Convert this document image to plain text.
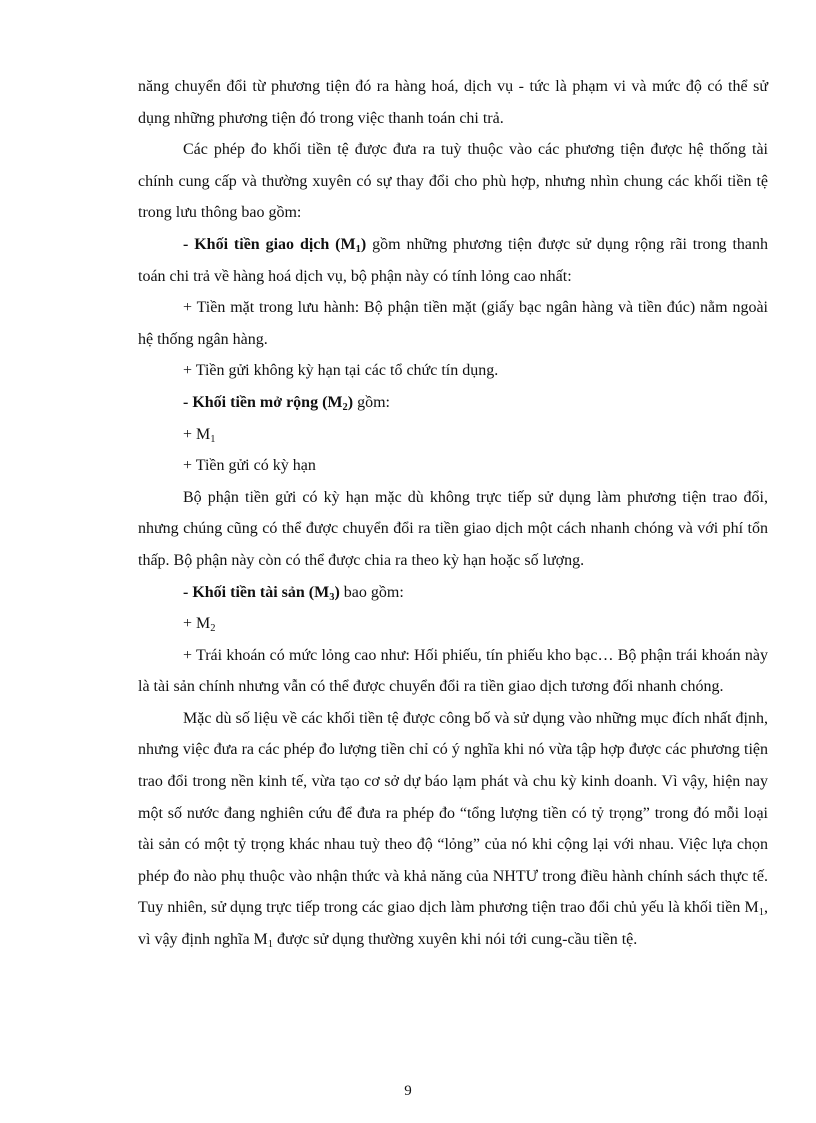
năng chuyển đổi từ phương tiện đó ra hàng hoá, dịch vụ - tức là phạm vi và mức độ có thể sử dụng những phương tiện đó trong việc thanh toán chi trả.

Các phép đo khối tiền tệ được đưa ra tuỳ thuộc vào các phương tiện được hệ thống tài chính cung cấp và thường xuyên có sự thay đổi cho phù hợp, nhưng nhìn chung các khối tiền tệ trong lưu thông bao gồm:

- Khối tiền giao dịch $(M_1)$ gồm những phương tiện được sử dụng rộng rãi trong thanh toán chi trả về hàng hoá dịch vụ, bộ phận này có tính lỏng cao nhất:

+ Tiền mặt trong lưu hành: Bộ phận tiền mặt (giấy bạc ngân hàng và tiền đúc) nằm ngoài hệ thống ngân hàng.

+ Tiền gửi không kỳ hạn tại các tổ chức tín dụng.

- Khối tiền mở rộng $(M_2)$ gồm:

+ $M_1$

+ Tiền gửi có kỳ hạn

Bộ phận tiền gửi có kỳ hạn mặc dù không trực tiếp sử dụng làm phương tiện trao đổi, nhưng chúng cũng có thể được chuyển đổi ra tiền giao dịch một cách nhanh chóng và với phí tổn thấp. Bộ phận này còn có thể được chia ra theo kỳ hạn hoặc số lượng.

- Khối tiền tài sản $(M_3)$ bao gồm:

+ $M_2$

+ Trái khoán có mức lỏng cao như: Hối phiếu, tín phiếu kho bạc… Bộ phận trái khoán này là tài sản chính nhưng vẫn có thể được chuyển đổi ra tiền giao dịch tương đối nhanh chóng.

Mặc dù số liệu về các khối tiền tệ được công bố và sử dụng vào những mục đích nhất định, nhưng việc đưa ra các phép đo lượng tiền chỉ có ý nghĩa khi nó vừa tập hợp được các phương tiện trao đổi trong nền kinh tế, vừa tạo cơ sở dự báo lạm phát và chu kỳ kinh doanh. Vì vậy, hiện nay một số nước đang nghiên cứu để đưa ra phép đo “tổng lượng tiền có tỷ trọng” trong đó mỗi loại tài sản có một tỷ trọng khác nhau tuỳ theo độ “lỏng” của nó khi cộng lại với nhau. Việc lựa chọn phép đo nào phụ thuộc vào nhận thức và khả năng của NHTƯ trong điều hành chính sách thực tế. Tuy nhiên, sử dụng trực tiếp trong các giao dịch làm phương tiện trao đổi chủ yếu là khối tiền $M_1$, vì vậy định nghĩa $M_1$ được sử dụng thường xuyên khi nói tới cung-cầu tiền tệ.

9
